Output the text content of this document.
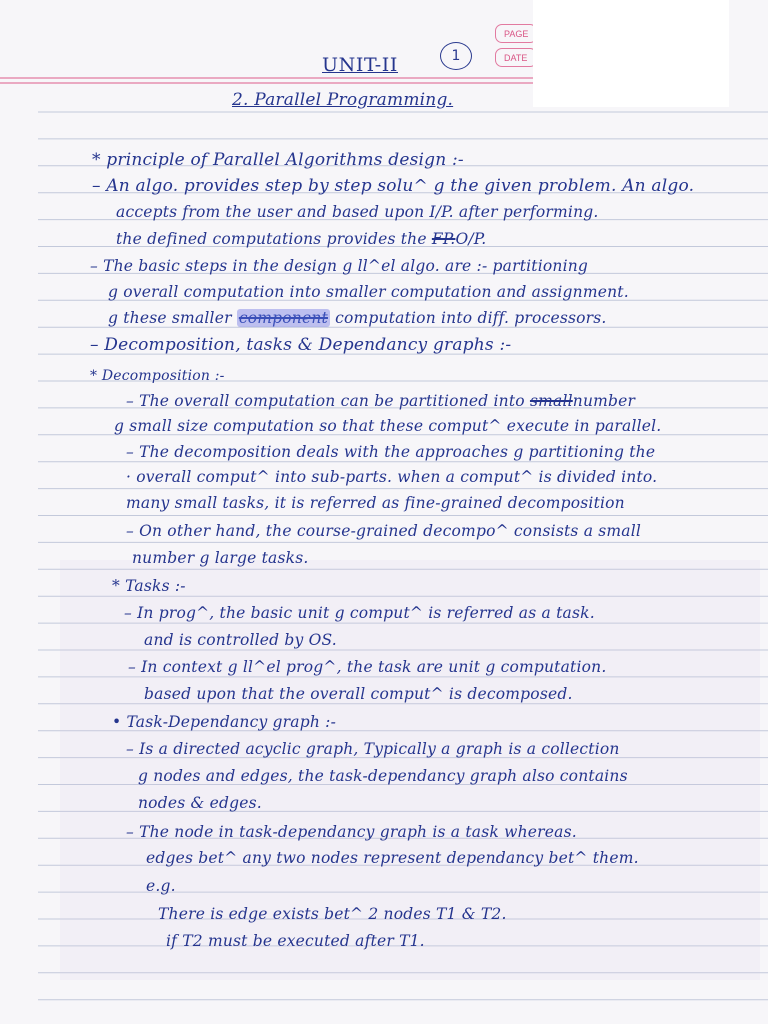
PAGE
DATE
UNIT-II	1
2. Parallel Programming.
* principle of Parallel Algorithms design :-
– An algo. provides step by step solu^ g the given problem. An algo.
accepts from the user and based upon I/P. after performing.
the defined computations provides the FP.O/P.
– The basic steps in the design g ll^el algo. are :- partitioning
g overall computation into smaller computation and assignment.
g these smaller component computation into diff. processors.
– Decomposition, tasks & Dependancy graphs :-
* Decomposition :-
– The overall computation can be partitioned into smallnumber
g small size computation so that these comput^ execute in parallel.
– The decomposition deals with the approaches g partitioning the
· overall comput^ into sub-parts. when a comput^ is divided into.
many small tasks, it is referred as fine-grained decomposition
– On other hand, the course-grained decompo^ consists a small
number g large tasks.
* Tasks :-
– In prog^, the basic unit g comput^ is referred as a task.
and is controlled by OS.
– In context g ll^el prog^, the task are unit g computation.
based upon that the overall comput^ is decomposed.
• Task-Dependancy graph :-
– Is a directed acyclic graph, Typically a graph is a collection
g nodes and edges, the task-dependancy graph also contains
nodes & edges.
– The node in task-dependancy graph is a task whereas.
edges bet^ any two nodes represent dependancy bet^ them.
e.g.
There is edge exists bet^ 2 nodes T1 & T2.
if T2 must be executed after T1.
